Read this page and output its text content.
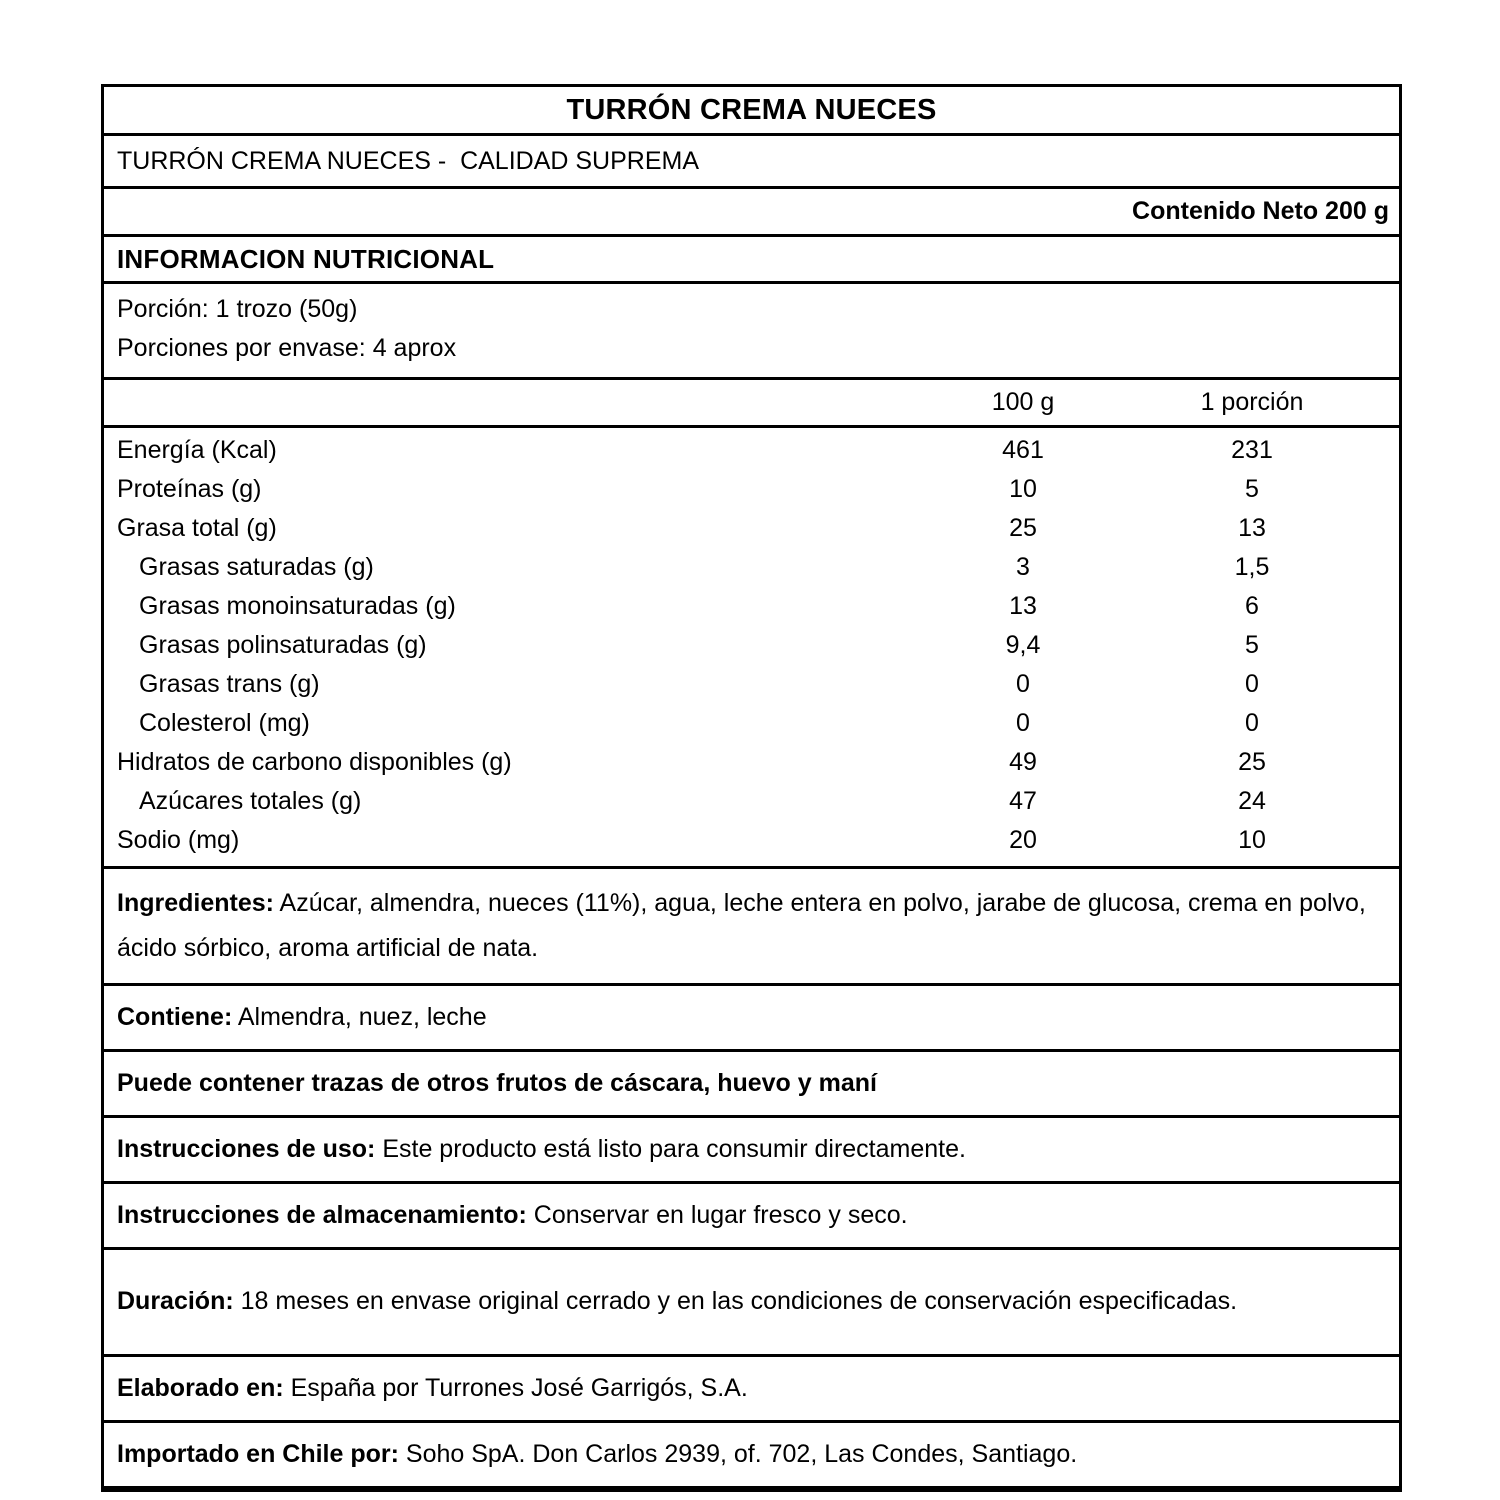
TURRÓN CREMA NUECES
TURRÓN CREMA NUECES -  CALIDAD SUPREMA
Contenido Neto 200 g
INFORMACION NUTRICIONAL
Porción: 1 trozo (50g)
Porciones por envase: 4 aprox
100 g	1 porción
Energía (Kcal)	461	231
Proteínas (g)	10	5
Grasa total (g)	25	13
Grasas saturadas (g)	3	1,5
Grasas monoinsaturadas (g)	13	6
Grasas polinsaturadas (g)	9,4	5
Grasas trans (g)	0	0
Colesterol (mg)	0	0
Hidratos de carbono disponibles (g)	49	25
Azúcares totales (g)	47	24
Sodio (mg)	20	10
Ingredientes: Azúcar, almendra, nueces (11%), agua, leche entera en polvo, jarabe de glucosa, crema en polvo, ácido sórbico, aroma artificial de nata.
Contiene: Almendra, nuez, leche
Puede contener trazas de otros frutos de cáscara, huevo y maní
Instrucciones de uso: Este producto está listo para consumir directamente.
Instrucciones de almacenamiento: Conservar en lugar fresco y seco.
Duración: 18 meses en envase original cerrado y en las condiciones de conservación especificadas.
Elaborado en: España por Turrones José Garrigós, S.A.
Importado en Chile por: Soho SpA. Don Carlos 2939, of. 702, Las Condes, Santiago.
